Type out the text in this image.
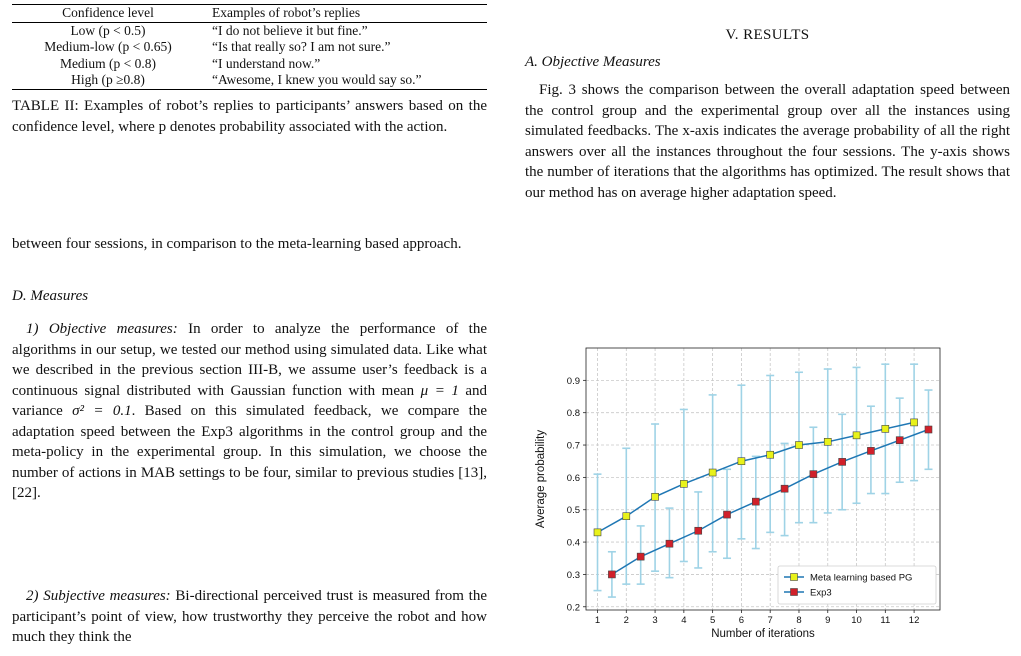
Confidence level	Examples of robot’s replies
Low (p < 0.5)	“I do not believe it but fine.”
Medium-low (p < 0.65)	“Is that really so? I am not sure.”
Medium (p < 0.8)	“I understand now.”
High (p ≥0.8)	“Awesome, I knew you would say so.”
TABLE II: Examples of robot’s replies to participants’ answers based on the confidence level, where p denotes probability associated with the action.
between four sessions, in comparison to the meta-learning based approach.
D. Measures
1) Objective measures: In order to analyze the performance of the algorithms in our setup, we tested our method using simulated data. Like what we described in the previous section III-B, we assume user’s feedback is a continuous signal distributed with Gaussian function with mean μ = 1 and variance σ² = 0.1. Based on this simulated feedback, we compare the adaptation speed between the Exp3 algorithms in the control group and the meta-policy in the experimental group. In this simulation, we choose the number of actions in MAB settings to be four, similar to previous studies [13], [22].
2) Subjective measures: Bi-directional perceived trust is measured from the participant’s point of view, how trustworthy they perceive the robot and how much they think the
V. RESULTS
A. Objective Measures
Fig. 3 shows the comparison between the overall adaptation speed between the control group and the experimental group over all the instances using simulated feedbacks. The x-axis indicates the average probability of all the right answers over all the instances throughout the four sessions. The y-axis shows the number of iterations that the algorithms has optimized. The result shows that our method has on average higher adaptation speed.
1 2 3 4 5 6 7 8 9 10 11 12
0.2
0.3
0.4
0.5
0.6
0.7
0.8
0.9
Number of iterations
Average probability
Meta learning based PG
Exp3
